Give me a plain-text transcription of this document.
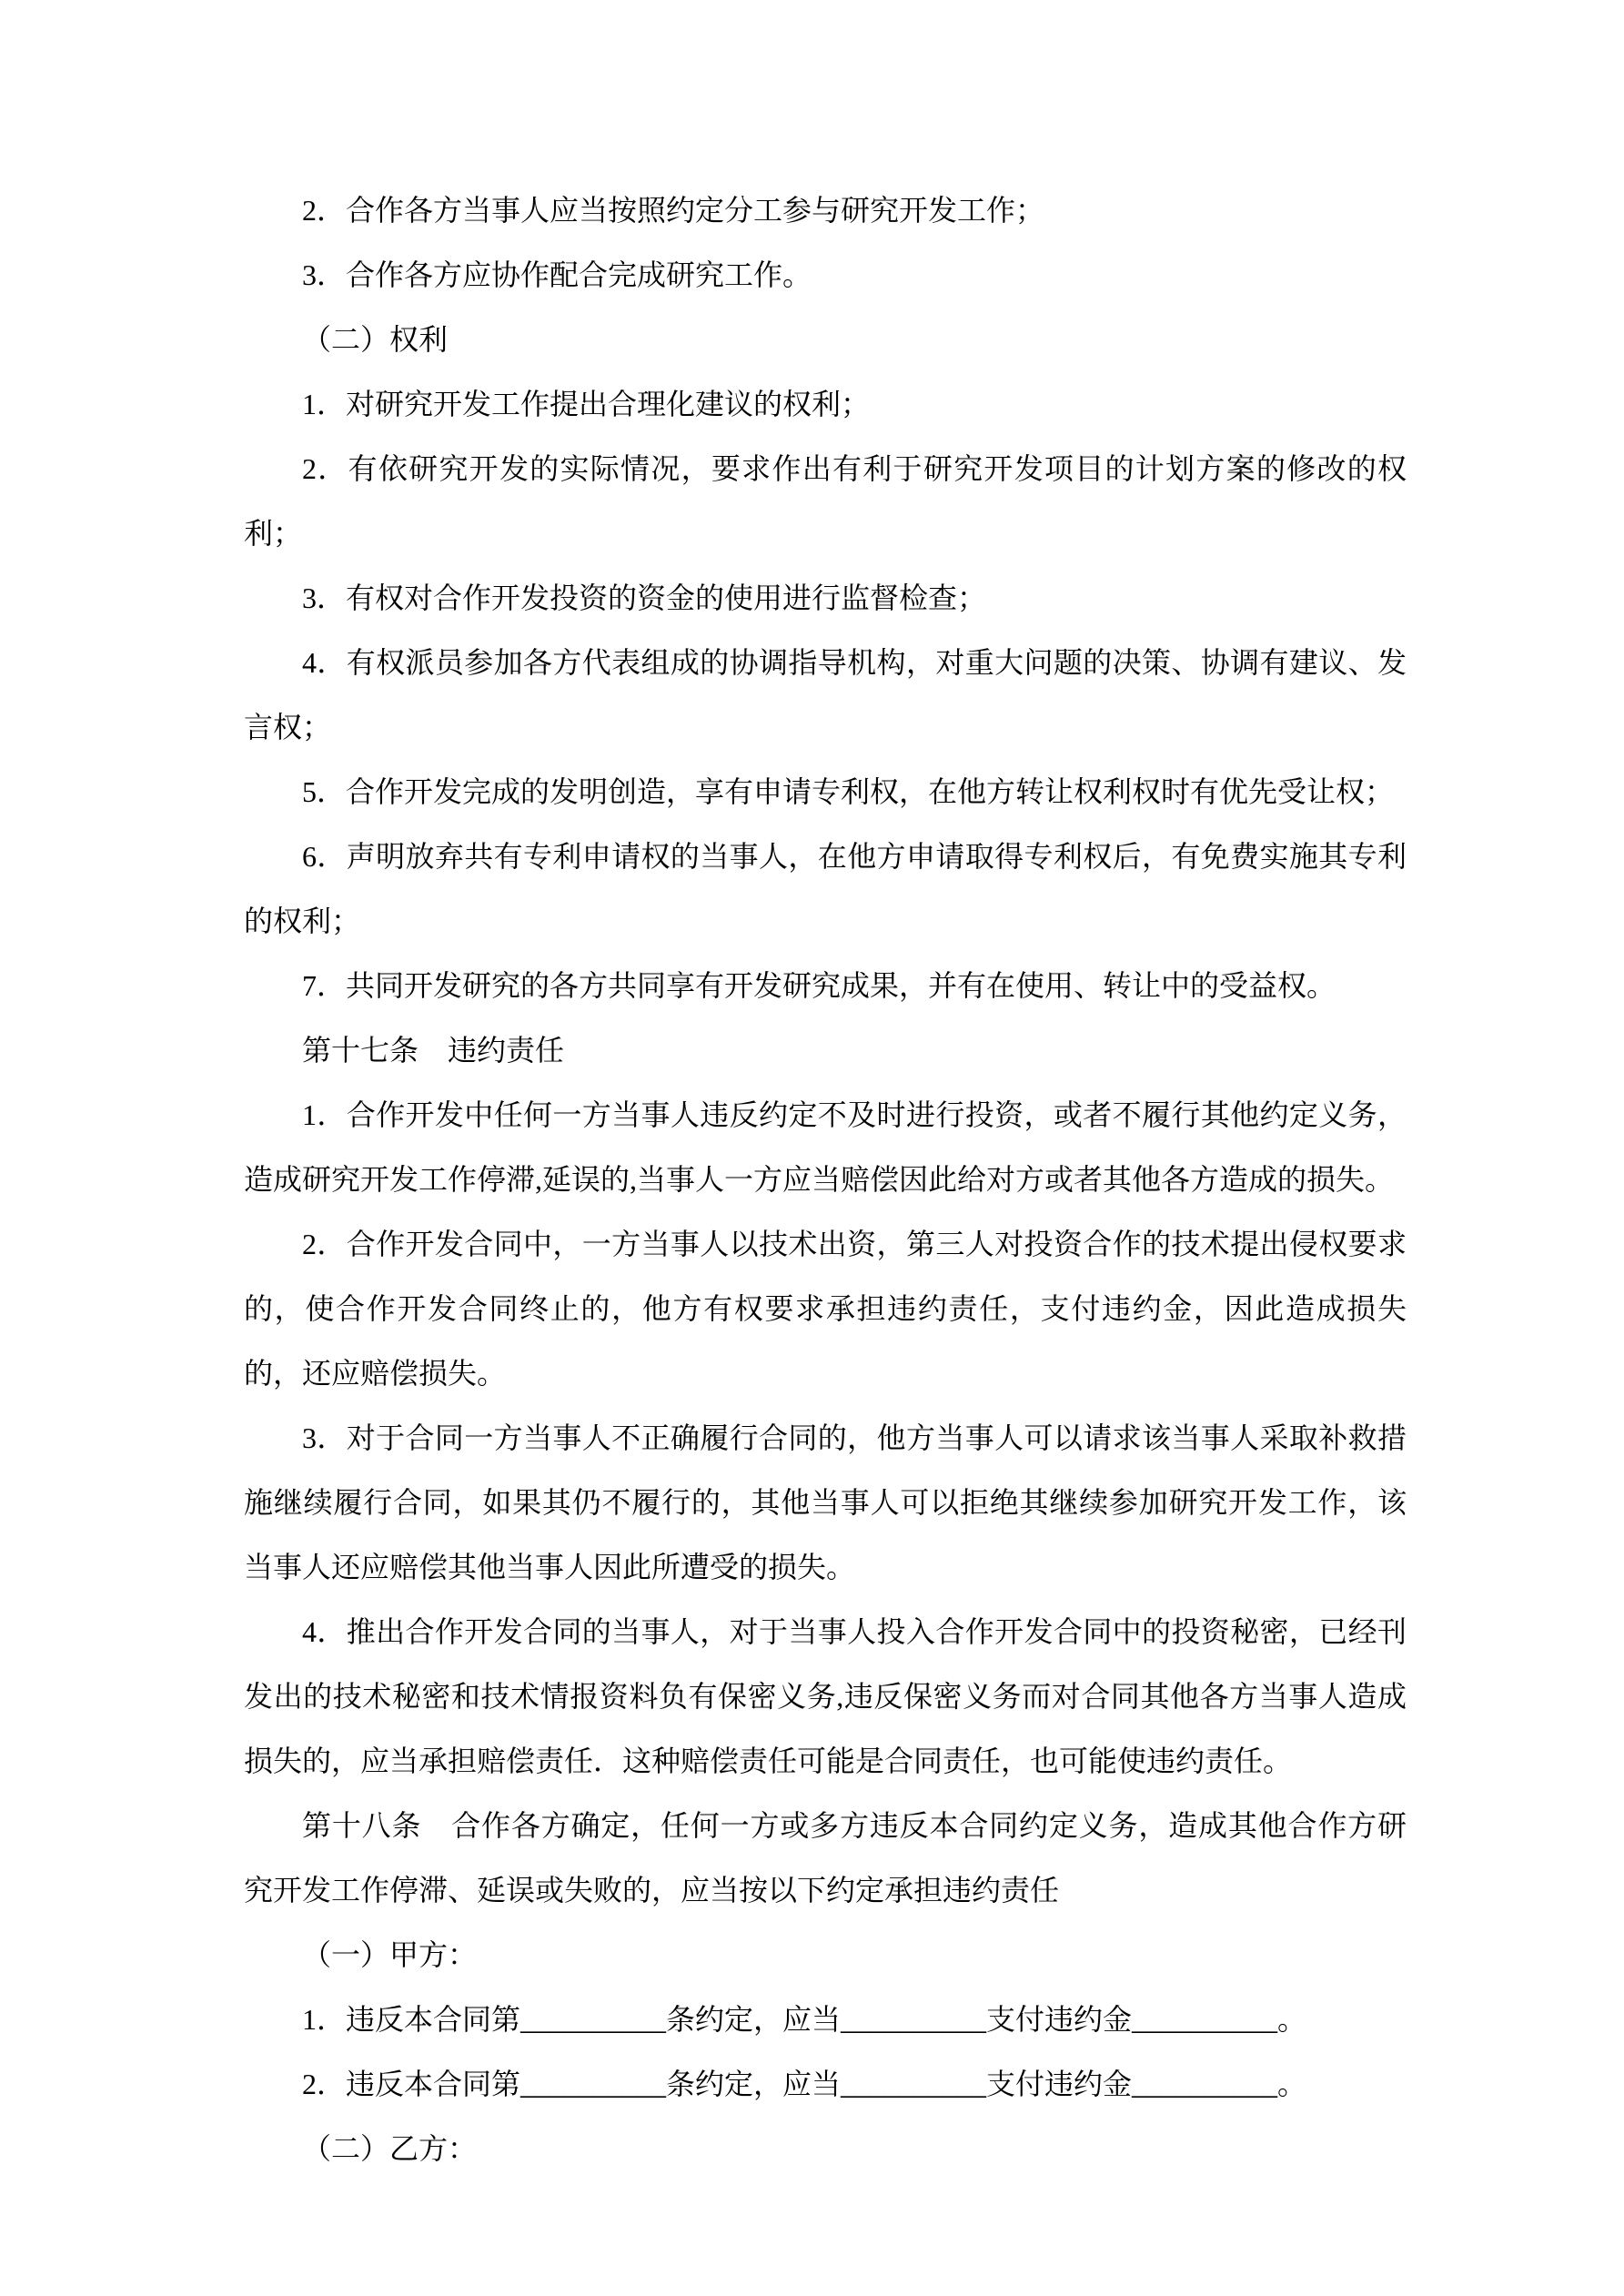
2．合作各方当事人应当按照约定分工参与研究开发工作；

3．合作各方应协作配合完成研究工作。

（二）权利

1．对研究开发工作提出合理化建议的权利；

2．有依研究开发的实际情况，要求作出有利于研究开发项目的计划方案的修改的权利；

3．有权对合作开发投资的资金的使用进行监督检查；

4．有权派员参加各方代表组成的协调指导机构，对重大问题的决策、协调有建议、发言权；

5．合作开发完成的发明创造，享有申请专利权，在他方转让权利权时有优先受让权；

6．声明放弃共有专利申请权的当事人，在他方申请取得专利权后，有免费实施其专利的权利；

7．共同开发研究的各方共同享有开发研究成果，并有在使用、转让中的受益权。

第十七条　违约责任

1．合作开发中任何一方当事人违反约定不及时进行投资，或者不履行其他约定义务，造成研究开发工作停滞,延误的,当事人一方应当赔偿因此给对方或者其他各方造成的损失。

2．合作开发合同中，一方当事人以技术出资，第三人对投资合作的技术提出侵权要求的，使合作开发合同终止的，他方有权要求承担违约责任，支付违约金，因此造成损失的，还应赔偿损失。

3．对于合同一方当事人不正确履行合同的，他方当事人可以请求该当事人采取补救措施继续履行合同，如果其仍不履行的，其他当事人可以拒绝其继续参加研究开发工作，该当事人还应赔偿其他当事人因此所遭受的损失。

4．推出合作开发合同的当事人，对于当事人投入合作开发合同中的投资秘密，已经刊发出的技术秘密和技术情报资料负有保密义务,违反保密义务而对合同其他各方当事人造成损失的，应当承担赔偿责任．这种赔偿责任可能是合同责任，也可能使违约责任。

第十八条　合作各方确定，任何一方或多方违反本合同约定义务，造成其他合作方研究开发工作停滞、延误或失败的，应当按以下约定承担违约责任

（一）甲方：

1．违反本合同第__________条约定，应当__________支付违约金__________。

2．违反本合同第__________条约定，应当__________支付违约金__________。

（二）乙方：
